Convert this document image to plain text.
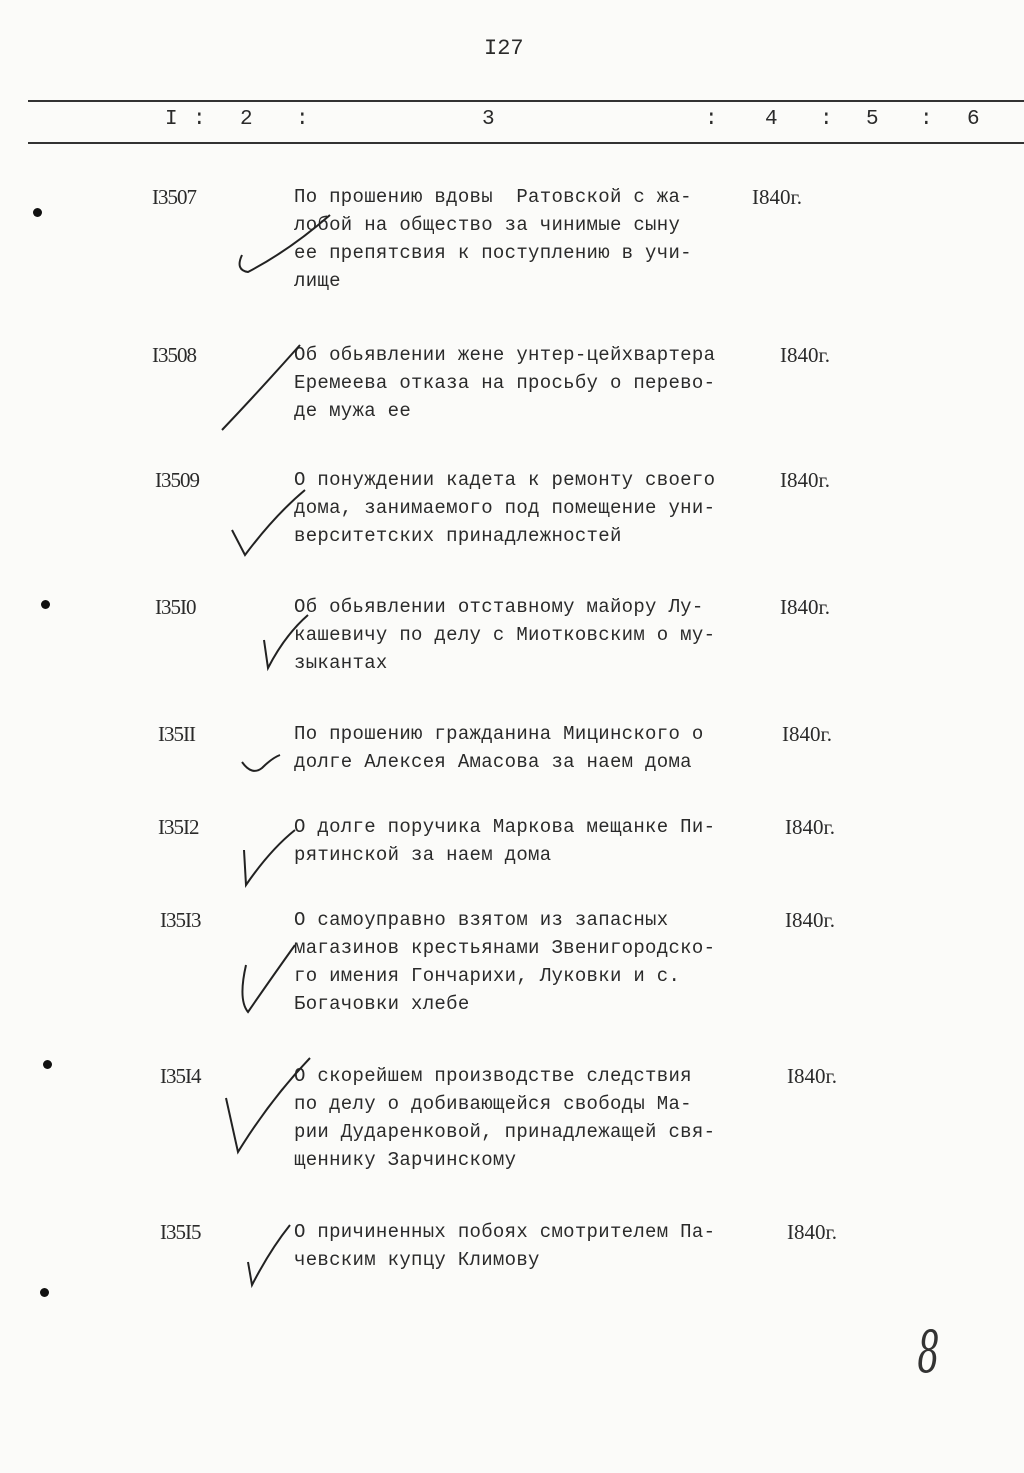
I27
I : 2 :	3	: 4 : 5 : 6
I3507	По прошению вдовы  Ратовской с жа-
лобой на общество за чинимые сыну
ее препятсвия к поступлению в учи-
лище
I840г.
I3508	Об обьявлении жене унтер-цейхвартера
Еремеева отказа на просьбу о перево-
де мужа ее
I840г.
I3509	О понуждении кадета к ремонту своего
дома, занимаемого под помещение уни-
верситетских принадлежностей
I840г.
I35I0	Об обьявлении отставному майору Лу-
кашевичу по делу с Миотковским о му-
зыкантах
I840г.
I35II	По прошению гражданина Мицинского о
долге Алексея Амасова за наем дома
I840г.
I35I2	О долге поручика Маркова мещанке Пи-
рятинской за наем дома
I840г.
I35I3	О самоуправно взятом из запасных
магазинов крестьянами Звенигородско-
го имения Гончарихи, Луковки и с.
Богачовки хлебе
I840г.
I35I4	О скорейшем производстве следствия
по делу о добивающейся свободы Ма-
рии Дударенковой, принадлежащей свя-
щеннику Зарчинскому
I840г.
I35I5	О причиненных побоях смотрителем Па-
чевским купцу Климову
I840г.
8
